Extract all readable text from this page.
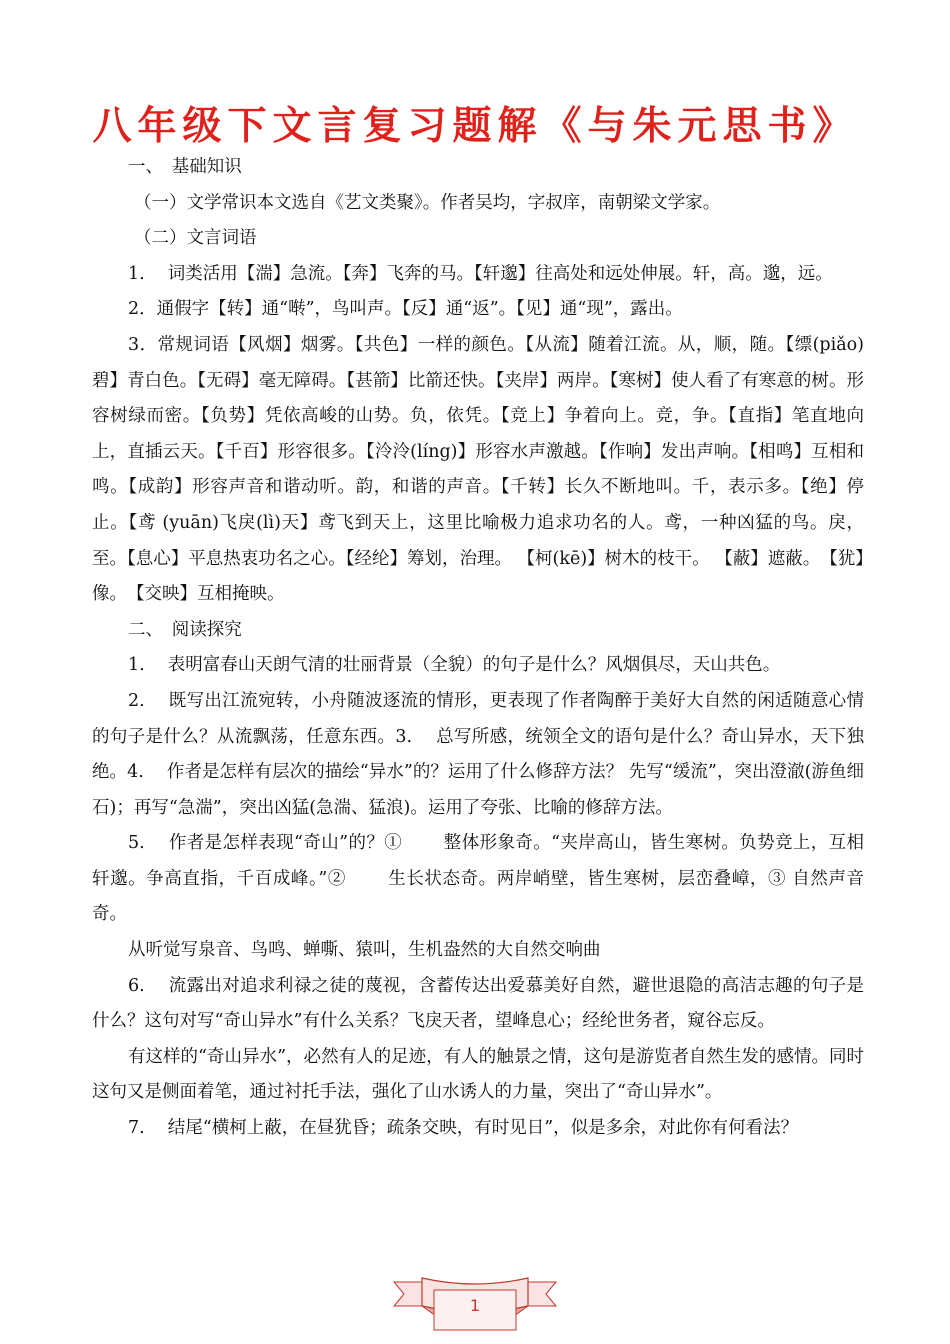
八年级下文言复习题解《与朱元思书》

一、　基础知识

（一）文学常识本文选自《艺文类聚》。作者吴均，字叔庠，南朝梁文学家。

（二）文言词语

1.　 词类活用【湍】急流。【奔】飞奔的马。【轩邈】往高处和远处伸展。轩，高。邈，远。

2．通假字【转】通“啭”，鸟叫声。【反】通“返”。【见】通“现”，露出。

3．常规词语【风烟】烟雾。【共色】一样的颜色。【从流】随着江流。从，顺，随。【缥(piǎo)碧】青白色。【无碍】毫无障碍。【甚箭】比箭还快。【夹岸】两岸。【寒树】使人看了有寒意的树。形容树绿而密。【负势】凭依高峻的山势。负，依凭。【竞上】争着向上。竞，争。【直指】笔直地向上，直插云天。【千百】形容很多。【泠泠(líng)】形容水声激越。【作响】发出声响。【相鸣】互相和鸣。【成韵】形容声音和谐动听。韵，和谐的声音。【千转】长久不断地叫。千，表示多。【绝】停止。【鸢 (yuān)飞戾(lì)天】鸢飞到天上，这里比喻极力追求功名的人。鸢，一种凶猛的鸟。戾，至。【息心】平息热衷功名之心。【经纶】筹划，治理。 【柯(kē)】树木的枝干。 【蔽】遮蔽。　【犹】像。　【交映】互相掩映。

二、　阅读探究

1.　 表明富春山天朗气清的壮丽背景（全貌）的句子是什么？风烟俱尽，天山共色。

2.　 既写出江流宛转，小舟随波逐流的情形，更表现了作者陶醉于美好大自然的闲适随意心情的句子是什么？从流飘荡，任意东西。3.　 总写所感，统领全文的语句是什么？奇山异水，天下独绝。4.　 作者是怎样有层次的描绘“异水”的？运用了什么修辞方法？ 先写“缓流”，突出澄澈(游鱼细石)；再写“急湍”，突出凶猛(急湍、猛浪)。运用了夸张、比喻的修辞方法。

5.　 作者是怎样表现“奇山”的？①　　 整体形象奇。“夹岸高山，皆生寒树。负势竞上，互相轩邈。争高直指，千百成峰。”②　　 生长状态奇。两岸峭壁，皆生寒树，层峦叠嶂，③ 自然声音奇。

从听觉写泉音、鸟鸣、蝉嘶、猿叫，生机盎然的大自然交响曲

6.　 流露出对追求利禄之徒的蔑视，含蓄传达出爱慕美好自然，避世退隐的高洁志趣的句子是什么？这句对写“奇山异水”有什么关系？飞戾天者，望峰息心；经纶世务者，窥谷忘反。

有这样的“奇山异水”，必然有人的足迹，有人的触景之情，这句是游览者自然生发的感情。同时这句又是侧面着笔，通过衬托手法，强化了山水诱人的力量，突出了“奇山异水”。

7.　 结尾“横柯上蔽，在昼犹昏；疏条交映，有时见日”，似是多余，对此你有何看法？

1
